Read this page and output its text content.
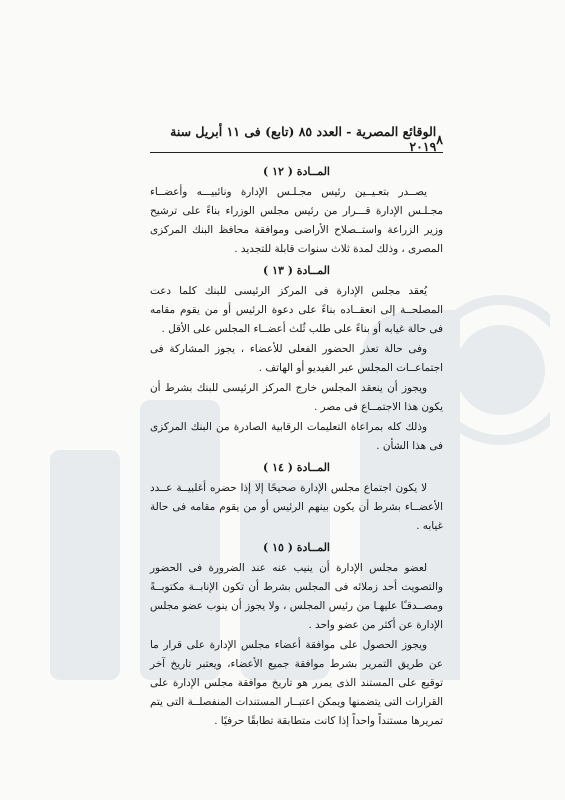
٨
الوقائع المصرية - العدد ٨٥ (تابع) فى ١١ أبريل سنة ٢٠١٩
المــادة ( ١٢ )

يصــدر بتعـيــين رئيس مجـلـس الإدارة ونائبيـــه وأعضــاء مجـلـس الإدارة قـــرار من رئيس مجلس الوزراء بناءً على ترشيح وزير الزراعة واستــصلاح الأراضى وموافقة محافظ البنك المركزى المصرى ، وذلك لمدة ثلاث سنوات قابلة للتجديد .

المــادة ( ١٣ )

يُعقد مجلس الإدارة فى المركز الرئيسى للبنك كلما دعت المصلحــة إلى انعقــاده بناءً على دعوة الرئيس أو من يقوم مقامه فى حالة غيابه أو بناءً على طلب ثُلث أعضــاء المجلس على الأقل .

وفى حالة تعذر الحضور الفعلى للأعضاء ، يجوز المشاركة فى اجتماعــات المجلس عبر الفيديو أو الهاتف .

ويجوز أن ينعقد المجلس خارج المركز الرئيسى للبنك بشرط أن يكون هذا الاجتمــاع فى مصر .

وذلك كله بمراعاة التعليمات الرقابية الصادرة من البنك المركزى فى هذا الشأن .

المــادة ( ١٤ )

لا يكون اجتماع مجلس الإدارة صحيحًا إلا إذا حضره أغلبيــة عــدد الأعضــاء بشرط أن يكون بينهم الرئيس أو من يقوم مقامه فى حالة غيابه .

المــادة ( ١٥ )

لعضو مجلس الإدارة أن ينيب عنه عند الضرورة فى الحضور والتصويت أحد زملائه فى المجلس بشرط أن تكون الإنابــة مكتوبــةً ومصــدقـًا عليهـا من رئيس المجلس ، ولا يجوز أن ينوب عضو مجلس الإدارة عن أكثر من عضو واحد .

ويجوز الحصول على موافقة أعضاء مجلس الإدارة على قرار ما عن طريق التمرير بشرط موافقة جميع الأعضاء، ويعتبر تاريخ آخر توقيع على المستند الذى يمرر هو تاريخ موافقة مجلس الإدارة على القرارات التى يتضمنها ويمكن اعتبــار المستندات المنفصلــة التى يتم تمريرها مستنداً واحداً إذا كانت متطابقة تطابقًا حرفيًا .
